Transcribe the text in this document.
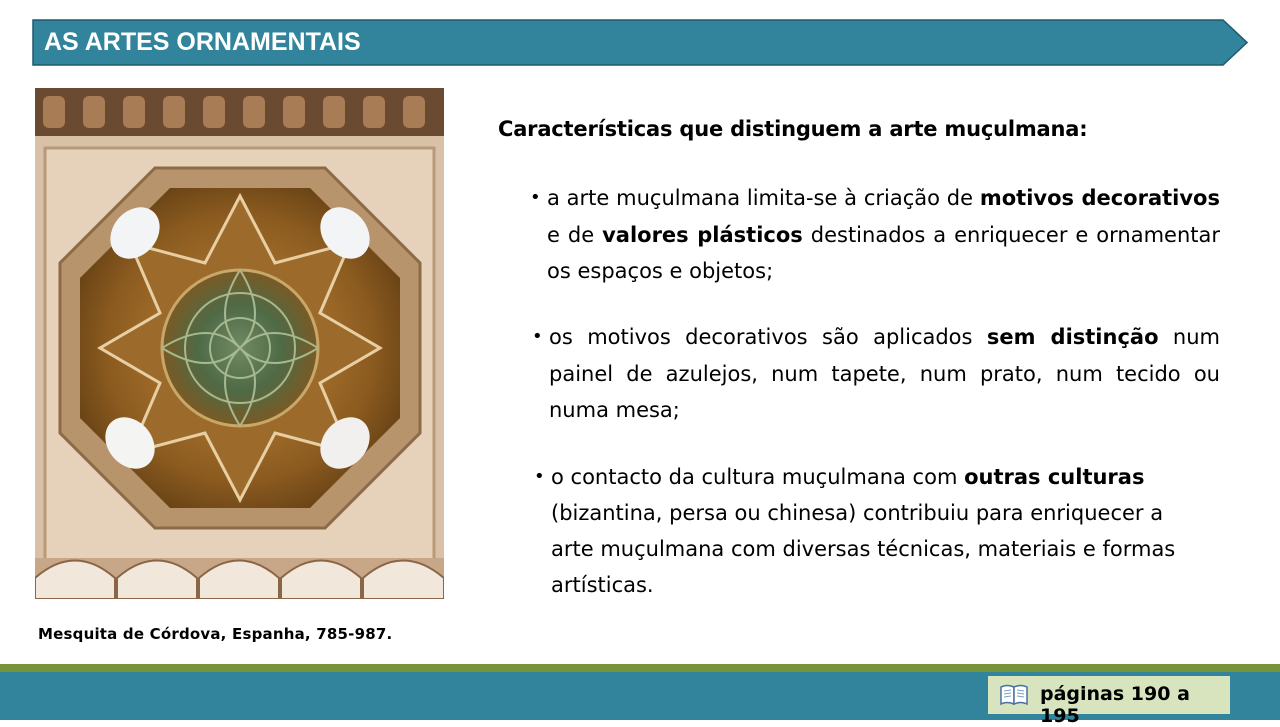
AS ARTES ORNAMENTAIS
Mesquita de Córdova, Espanha, 785-987.
Características que distinguem a arte muçulmana:
• a arte muçulmana limita-se à criação de motivos decorativos e de valores plásticos destinados a enriquecer e ornamentar os espaços e objetos;
• os motivos decorativos são aplicados sem distinção num painel de azulejos, num tapete, num prato, num tecido ou numa mesa;
• o contacto da cultura muçulmana com outras culturas (bizantina, persa ou chinesa) contribuiu para enriquecer a arte muçulmana com diversas técnicas, materiais e formas artísticas.
páginas 190 a 195
